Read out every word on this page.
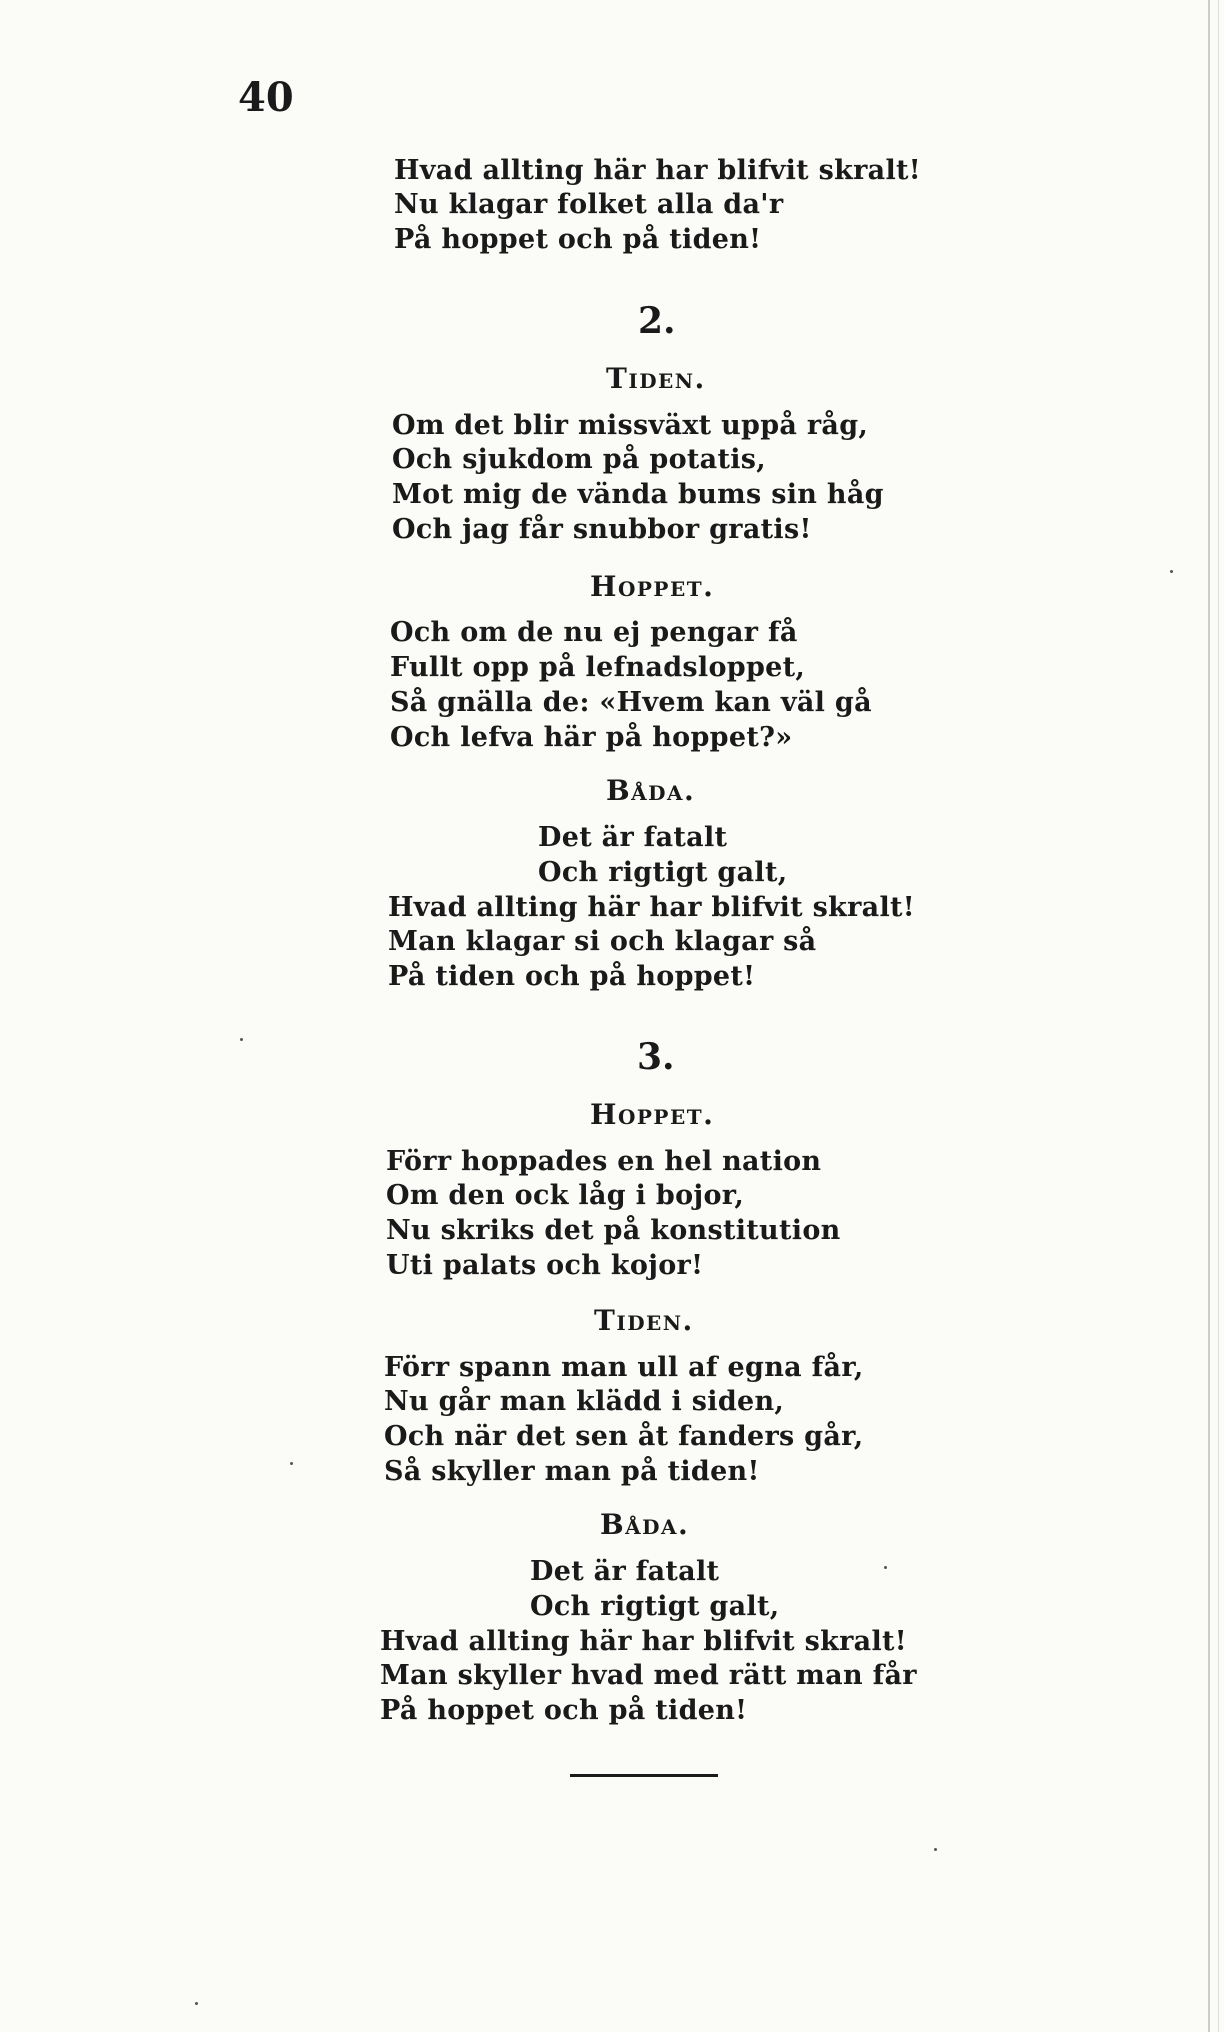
40
Hvad allting här har blifvit skralt!
Nu klagar folket alla da'r
På hoppet och på tiden!
2.
Tiden.
Om det blir missväxt uppå råg,
Och sjukdom på potatis,
Mot mig de vända bums sin håg
Och jag får snubbor gratis!
Hoppet.
Och om de nu ej pengar få
Fullt opp på lefnadsloppet,
Så gnälla de: «Hvem kan väl gå
Och lefva här på hoppet?»
Båda.
Det är fatalt
Och rigtigt galt,
Hvad allting här har blifvit skralt!
Man klagar si och klagar så
På tiden och på hoppet!
3.
Hoppet.
Förr hoppades en hel nation
Om den ock låg i bojor,
Nu skriks det på konstitution
Uti palats och kojor!
Tiden.
Förr spann man ull af egna får,
Nu går man klädd i siden,
Och när det sen åt fanders går,
Så skyller man på tiden!
Båda.
Det är fatalt
Och rigtigt galt,
Hvad allting här har blifvit skralt!
Man skyller hvad med rätt man får
På hoppet och på tiden!
